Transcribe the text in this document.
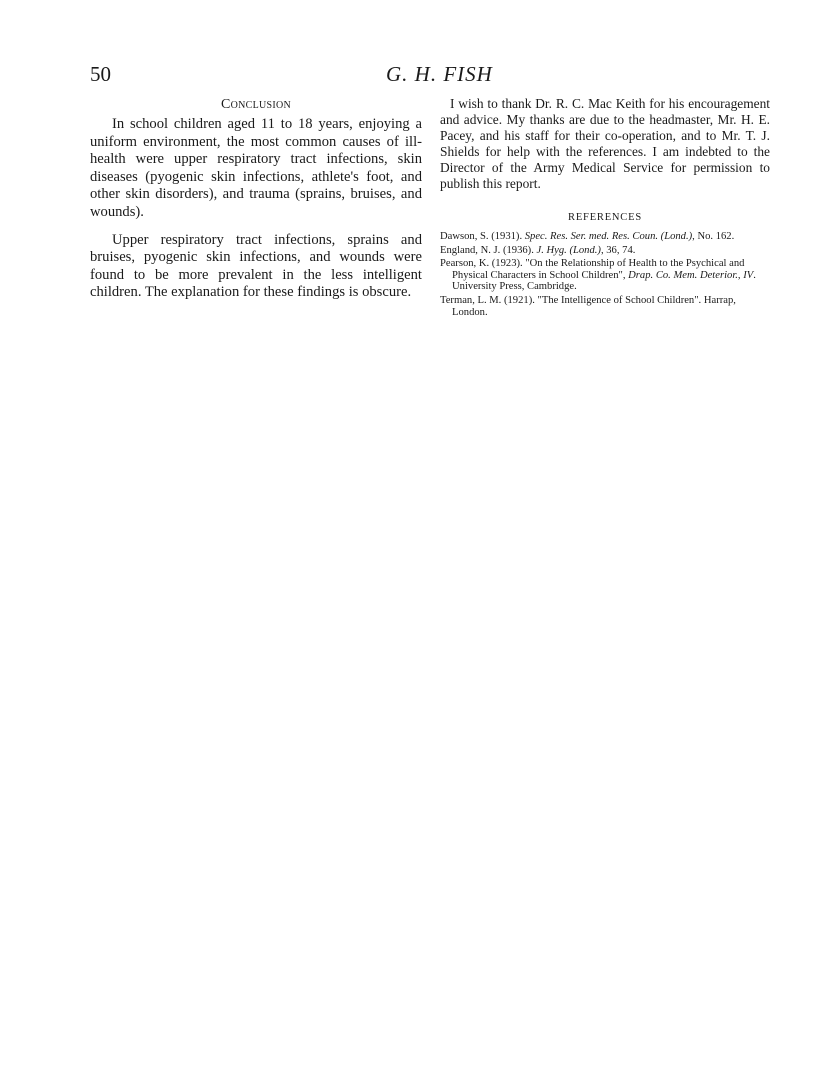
50	G. H. FISH
Conclusion

In school children aged 11 to 18 years, enjoying a uniform environment, the most common causes of ill-health were upper respiratory tract infections, skin diseases (pyogenic skin infections, athlete's foot, and other skin disorders), and trauma (sprains, bruises, and wounds).

Upper respiratory tract infections, sprains and bruises, pyogenic skin infections, and wounds were found to be more prevalent in the less intelligent children. The explanation for these findings is obscure.

I wish to thank Dr. R. C. Mac Keith for his encouragement and advice. My thanks are due to the headmaster, Mr. H. E. Pacey, and his staff for their co-operation, and to Mr. T. J. Shields for help with the references. I am indebted to the Director of the Army Medical Service for permission to publish this report.

REFERENCES
Dawson, S. (1931). Spec. Res. Ser. med. Res. Coun. (Lond.), No. 162.
England, N. J. (1936). J. Hyg. (Lond.), 36, 74.
Pearson, K. (1923). "On the Relationship of Health to the Psychical and Physical Characters in School Children", Drap. Co. Mem. Deterior., IV. University Press, Cambridge.
Terman, L. M. (1921). "The Intelligence of School Children". Harrap, London.
